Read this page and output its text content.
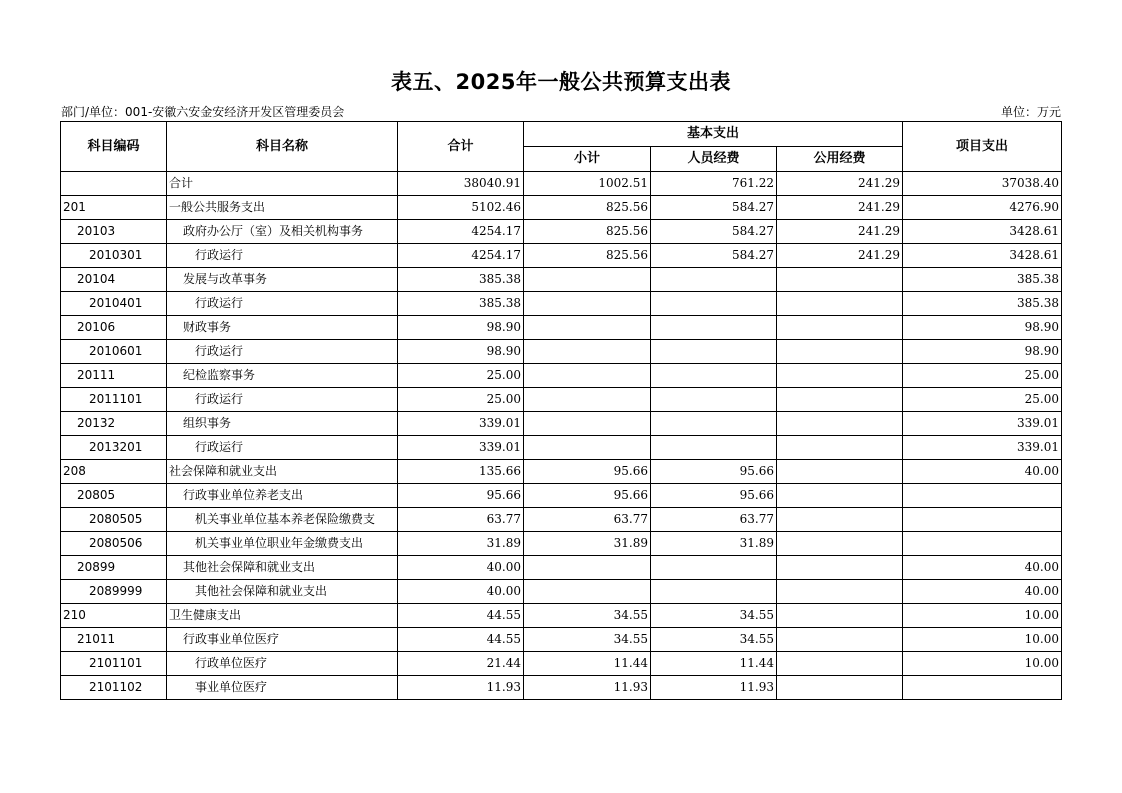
表五、2025年一般公共预算支出表
部门/单位：001-安徽六安金安经济开发区管理委员会	单位：万元
科目编码	科目名称	合计	基本支出			项目支出
			小计	人员经费	公用经费	
	合计	38040.91	1002.51	761.22	241.29	37038.40
201	一般公共服务支出	5102.46	825.56	584.27	241.29	4276.90
20103	政府办公厅（室）及相关机构事务	4254.17	825.56	584.27	241.29	3428.61
2010301	行政运行	4254.17	825.56	584.27	241.29	3428.61
20104	发展与改革事务	385.38				385.38
2010401	行政运行	385.38				385.38
20106	财政事务	98.90				98.90
2010601	行政运行	98.90				98.90
20111	纪检监察事务	25.00				25.00
2011101	行政运行	25.00				25.00
20132	组织事务	339.01				339.01
2013201	行政运行	339.01				339.01
208	社会保障和就业支出	135.66	95.66	95.66		40.00
20805	行政事业单位养老支出	95.66	95.66	95.66		
2080505	机关事业单位基本养老保险缴费支	63.77	63.77	63.77		
2080506	机关事业单位职业年金缴费支出	31.89	31.89	31.89		
20899	其他社会保障和就业支出	40.00				40.00
2089999	其他社会保障和就业支出	40.00				40.00
210	卫生健康支出	44.55	34.55	34.55		10.00
21011	行政事业单位医疗	44.55	34.55	34.55		10.00
2101101	行政单位医疗	21.44	11.44	11.44		10.00
2101102	事业单位医疗	11.93	11.93	11.93		
